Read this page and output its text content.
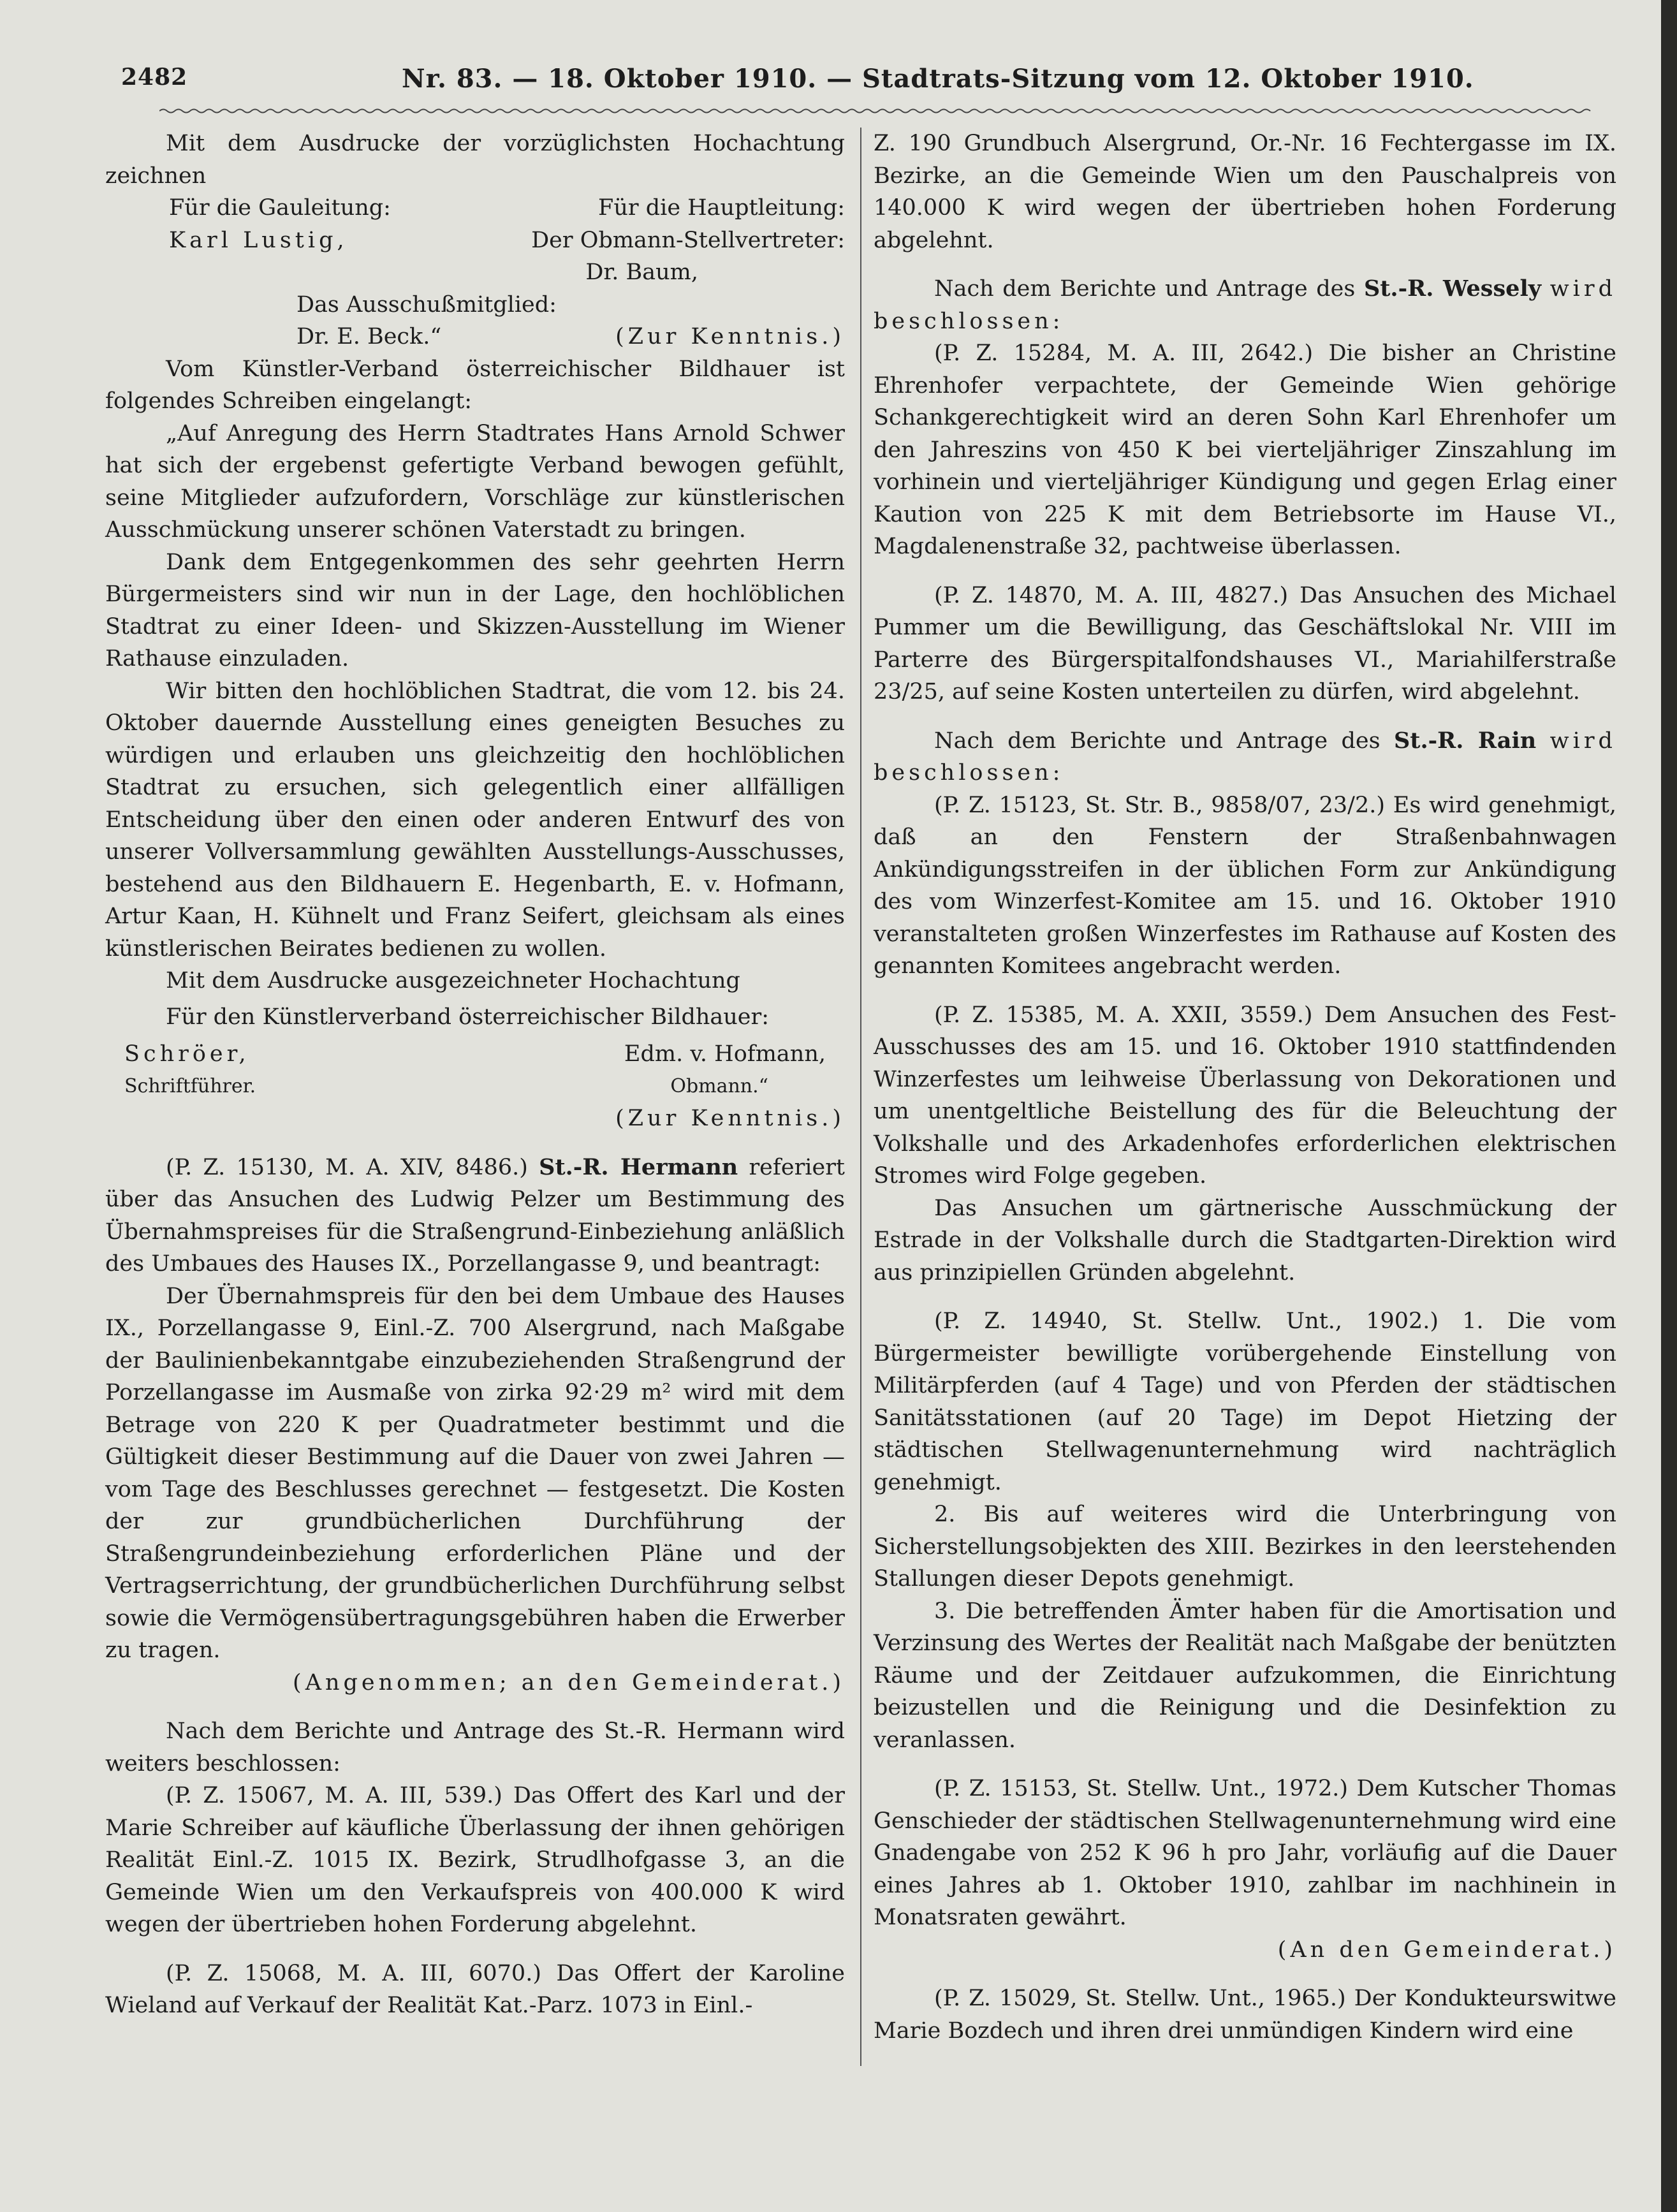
2482	Nr. 83. — 18. Oktober 1910. — Stadtrats-Sitzung vom 12. Oktober 1910.

Mit dem Ausdrucke der vorzüglichsten Hochachtung zeichnen

Für die Gauleitung:	Für die Hauptleitung:
Karl Lustig,	Der Obmann-Stellvertreter:

Dr. Baum,

Das Ausschußmitglied:

Dr. E. Beck.“	(Zur Kenntnis.)

Vom Künstler-Verband österreichischer Bildhauer ist folgendes Schreiben eingelangt:

„Auf Anregung des Herrn Stadtrates Hans Arnold Schwer hat sich der ergebenst gefertigte Verband bewogen gefühlt, seine Mitglieder aufzufordern, Vorschläge zur künstlerischen Ausschmückung unserer schönen Vaterstadt zu bringen.

Dank dem Entgegenkommen des sehr geehrten Herrn Bürgermeisters sind wir nun in der Lage, den hochlöblichen Stadtrat zu einer Ideen- und Skizzen-Ausstellung im Wiener Rathause einzuladen.

Wir bitten den hochlöblichen Stadtrat, die vom 12. bis 24. Oktober dauernde Ausstellung eines geneigten Besuches zu würdigen und erlauben uns gleichzeitig den hochlöblichen Stadtrat zu ersuchen, sich gelegentlich einer allfälligen Entscheidung über den einen oder anderen Entwurf des von unserer Vollversammlung gewählten Ausstellungs-Ausschusses, bestehend aus den Bildhauern E. Hegenbarth, E. v. Hofmann, Artur Kaan, H. Kühnelt und Franz Seifert, gleichsam als eines künstlerischen Beirates bedienen zu wollen.

Mit dem Ausdrucke ausgezeichneter Hochachtung

Für den Künstlerverband österreichischer Bildhauer:

Schröer,	Edm. v. Hofmann,
Schriftführer.	Obmann.“

(Zur Kenntnis.)

(P. Z. 15130, M. A. XIV, 8486.) St.-R. Hermann referiert über das Ansuchen des Ludwig Pelzer um Bestimmung des Übernahmspreises für die Straßengrund-Einbeziehung anläßlich des Umbaues des Hauses IX., Porzellangasse 9, und beantragt:

Der Übernahmspreis für den bei dem Umbaue des Hauses IX., Porzellangasse 9, Einl.-Z. 700 Alsergrund, nach Maßgabe der Baulinienbekanntgabe einzubeziehenden Straßengrund der Porzellangasse im Ausmaße von zirka 92·29 m² wird mit dem Betrage von 220 K per Quadratmeter bestimmt und die Gültigkeit dieser Bestimmung auf die Dauer von zwei Jahren — vom Tage des Beschlusses gerechnet — festgesetzt. Die Kosten der zur grundbücherlichen Durchführung der Straßengrundeinbeziehung erforderlichen Pläne und der Vertragserrichtung, der grundbücherlichen Durchführung selbst sowie die Vermögensübertragungsgebühren haben die Erwerber zu tragen.

(Angenommen; an den Gemeinderat.)

Nach dem Berichte und Antrage des St.-R. Hermann wird weiters beschlossen:

(P. Z. 15067, M. A. III, 539.) Das Offert des Karl und der Marie Schreiber auf käufliche Überlassung der ihnen gehörigen Realität Einl.-Z. 1015 IX. Bezirk, Strudlhofgasse 3, an die Gemeinde Wien um den Verkaufspreis von 400.000 K wird wegen der übertrieben hohen Forderung abgelehnt.

(P. Z. 15068, M. A. III, 6070.) Das Offert der Karoline Wieland auf Verkauf der Realität Kat.-Parz. 1073 in Einl.-

Z. 190 Grundbuch Alsergrund, Or.-Nr. 16 Fechtergasse im IX. Bezirke, an die Gemeinde Wien um den Pauschalpreis von 140.000 K wird wegen der übertrieben hohen Forderung abgelehnt.

Nach dem Berichte und Antrage des St.-R. Wessely wird beschlossen:

(P. Z. 15284, M. A. III, 2642.) Die bisher an Christine Ehrenhofer verpachtete, der Gemeinde Wien gehörige Schankgerechtigkeit wird an deren Sohn Karl Ehrenhofer um den Jahreszins von 450 K bei vierteljähriger Zinszahlung im vorhinein und vierteljähriger Kündigung und gegen Erlag einer Kaution von 225 K mit dem Betriebsorte im Hause VI., Magdalenenstraße 32, pachtweise überlassen.

(P. Z. 14870, M. A. III, 4827.) Das Ansuchen des Michael Pummer um die Bewilligung, das Geschäftslokal Nr. VIII im Parterre des Bürgerspitalfondshauses VI., Mariahilferstraße 23/25, auf seine Kosten unterteilen zu dürfen, wird abgelehnt.

Nach dem Berichte und Antrage des St.-R. Rain wird beschlossen:

(P. Z. 15123, St. Str. B., 9858/07, 23/2.) Es wird genehmigt, daß an den Fenstern der Straßenbahnwagen Ankündigungsstreifen in der üblichen Form zur Ankündigung des vom Winzerfest-Komitee am 15. und 16. Oktober 1910 veranstalteten großen Winzerfestes im Rathause auf Kosten des genannten Komitees angebracht werden.

(P. Z. 15385, M. A. XXII, 3559.) Dem Ansuchen des Fest-Ausschusses des am 15. und 16. Oktober 1910 stattfindenden Winzerfestes um leihweise Überlassung von Dekorationen und um unentgeltliche Beistellung des für die Beleuchtung der Volkshalle und des Arkadenhofes erforderlichen elektrischen Stromes wird Folge gegeben.

Das Ansuchen um gärtnerische Ausschmückung der Estrade in der Volkshalle durch die Stadtgarten-Direktion wird aus prinzipiellen Gründen abgelehnt.

(P. Z. 14940, St. Stellw. Unt., 1902.) 1. Die vom Bürgermeister bewilligte vorübergehende Einstellung von Militärpferden (auf 4 Tage) und von Pferden der städtischen Sanitätsstationen (auf 20 Tage) im Depot Hietzing der städtischen Stellwagenunternehmung wird nachträglich genehmigt.

2. Bis auf weiteres wird die Unterbringung von Sicherstellungsobjekten des XIII. Bezirkes in den leerstehenden Stallungen dieser Depots genehmigt.

3. Die betreffenden Ämter haben für die Amortisation und Verzinsung des Wertes der Realität nach Maßgabe der benützten Räume und der Zeitdauer aufzukommen, die Einrichtung beizustellen und die Reinigung und die Desinfektion zu veranlassen.

(P. Z. 15153, St. Stellw. Unt., 1972.) Dem Kutscher Thomas Genschieder der städtischen Stellwagenunternehmung wird eine Gnadengabe von 252 K 96 h pro Jahr, vorläufig auf die Dauer eines Jahres ab 1. Oktober 1910, zahlbar im nachhinein in Monatsraten gewährt.

(An den Gemeinderat.)

(P. Z. 15029, St. Stellw. Unt., 1965.) Der Kondukteurswitwe Marie Bozdech und ihren drei unmündigen Kindern wird eine
